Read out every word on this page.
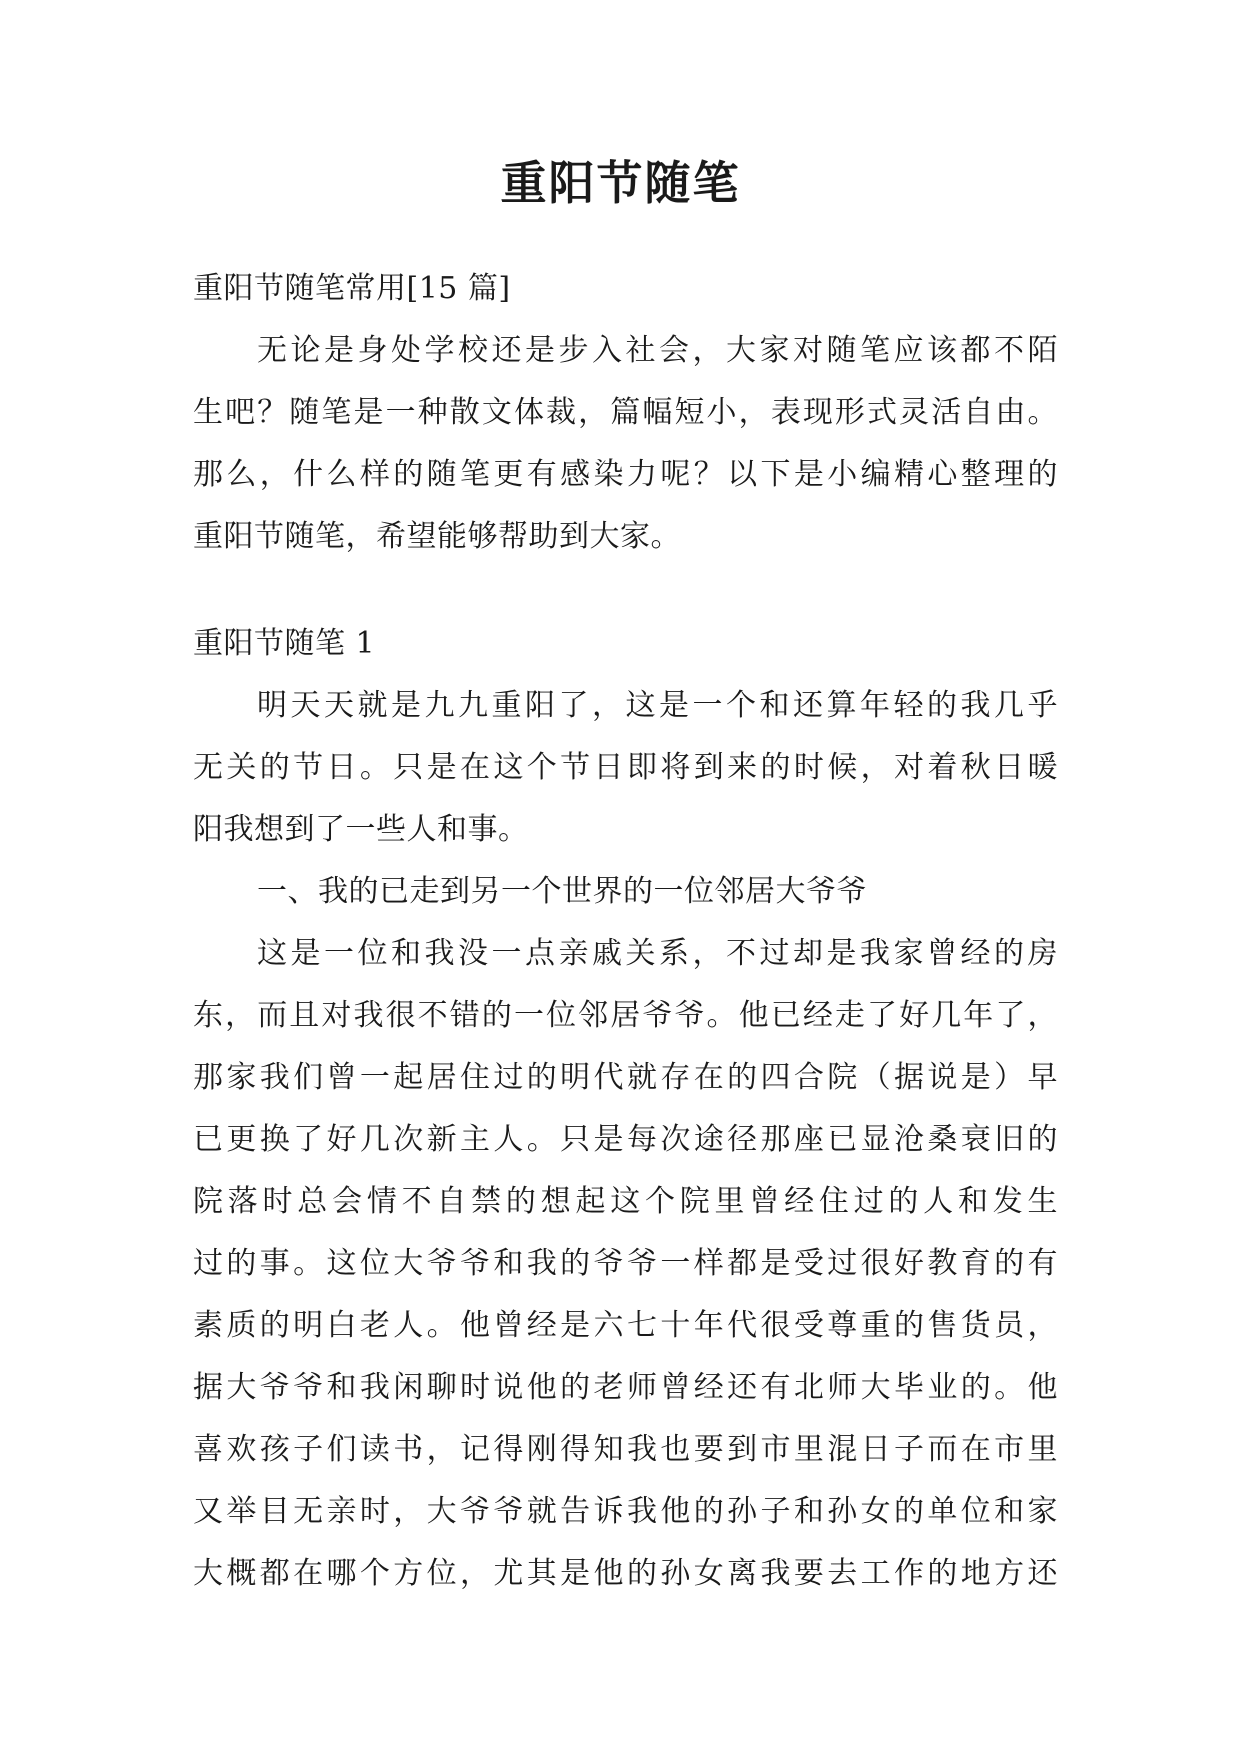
重阳节随笔
重阳节随笔常用[15 篇]
无论是身处学校还是步入社会，大家对随笔应该都不陌
生吧？随笔是一种散文体裁，篇幅短小，表现形式灵活自由。
那么，什么样的随笔更有感染力呢？以下是小编精心整理的
重阳节随笔，希望能够帮助到大家。
重阳节随笔 1
明天天就是九九重阳了，这是一个和还算年轻的我几乎
无关的节日。只是在这个节日即将到来的时候，对着秋日暖
阳我想到了一些人和事。
一、我的已走到另一个世界的一位邻居大爷爷
这是一位和我没一点亲戚关系，不过却是我家曾经的房
东，而且对我很不错的一位邻居爷爷。他已经走了好几年了，
那家我们曾一起居住过的明代就存在的四合院（据说是）早
已更换了好几次新主人。只是每次途径那座已显沧桑衰旧的
院落时总会情不自禁的想起这个院里曾经住过的人和发生
过的事。这位大爷爷和我的爷爷一样都是受过很好教育的有
素质的明白老人。他曾经是六七十年代很受尊重的售货员，
据大爷爷和我闲聊时说他的老师曾经还有北师大毕业的。他
喜欢孩子们读书，记得刚得知我也要到市里混日子而在市里
又举目无亲时，大爷爷就告诉我他的孙子和孙女的单位和家
大概都在哪个方位，尤其是他的孙女离我要去工作的地方还
